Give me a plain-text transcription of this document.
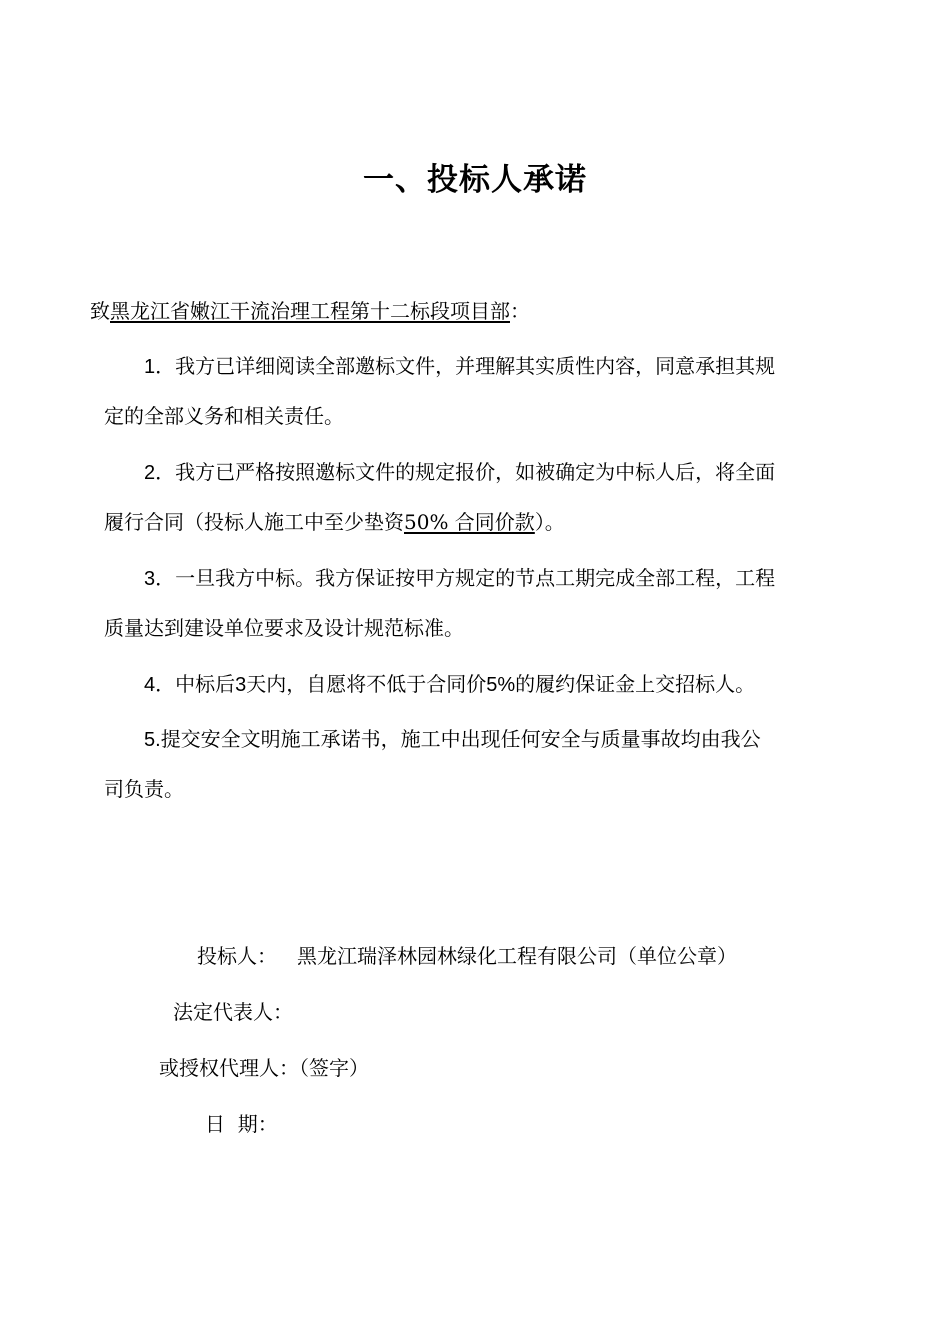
一、投标人承诺
致黑龙江省嫩江干流治理工程第十二标段项目部：
1．我方已详细阅读全部邀标文件，并理解其实质性内容，同意承担其规
定的全部义务和相关责任。
2．我方已严格按照邀标文件的规定报价，如被确定为中标人后，将全面
履行合同（投标人施工中至少垫资50% 合同价款）。
3．一旦我方中标。我方保证按甲方规定的节点工期完成全部工程，工程
质量达到建设单位要求及设计规范标准。
4．中标后3天内，自愿将不低于合同价5%的履约保证金上交招标人。
5.提交安全文明施工承诺书，施工中出现任何安全与质量事故均由我公
司负责。
投标人： 黑龙江瑞泽林园林绿化工程有限公司（单位公章）
法定代表人：
或授权代理人：（签字）
日  期：
